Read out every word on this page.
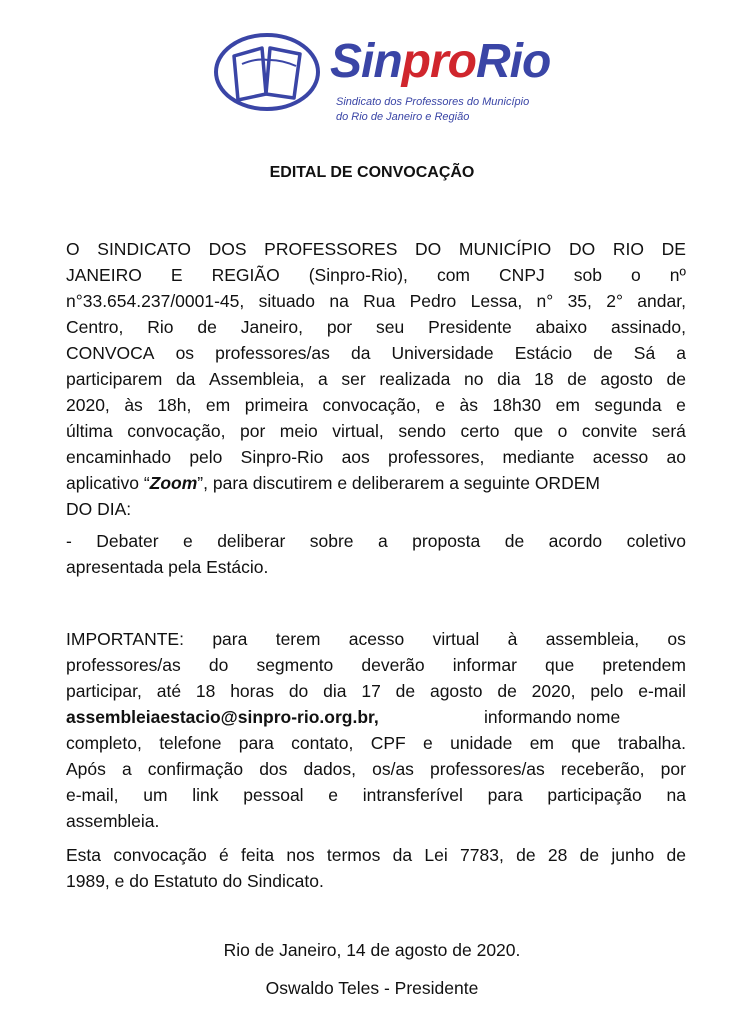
SinproRio
Sindicato dos Professores do Município
do Rio de Janeiro e Região
EDITAL DE CONVOCAÇÃO
O SINDICATO DOS PROFESSORES DO MUNICÍPIO DO RIO DE
JANEIRO E REGIÃO (Sinpro-Rio), com CNPJ sob o nº
n°33.654.237/0001-45, situado na Rua Pedro Lessa, n° 35, 2° andar,
Centro, Rio de Janeiro, por seu Presidente abaixo assinado,
CONVOCA os professores/as da Universidade Estácio de Sá a
participarem da Assembleia, a ser realizada no dia 18 de agosto de
2020, às 18h, em primeira convocação, e às 18h30 em segunda e
última convocação, por meio virtual, sendo certo que o convite será
encaminhado pelo Sinpro-Rio aos professores, mediante acesso ao
aplicativo “Zoom”, para discutirem e deliberarem a seguinte ORDEM
DO DIA:
- Debater e deliberar sobre a proposta de acordo coletivo
apresentada pela Estácio.
IMPORTANTE: para terem acesso virtual à assembleia, os
professores/as do segmento deverão informar que pretendem
participar, até 18 horas do dia 17 de agosto de 2020, pelo e-mail
assembleiaestacio@sinpro-rio.org.br,	informando nome
completo, telefone para contato, CPF e unidade em que trabalha.
Após a confirmação dos dados, os/as professores/as receberão, por
e-mail, um link pessoal e intransferível para participação na
assembleia.
Esta convocação é feita nos termos da Lei 7783, de 28 de junho de
1989, e do Estatuto do Sindicato.
Rio de Janeiro, 14 de agosto de 2020.
Oswaldo Teles - Presidente
